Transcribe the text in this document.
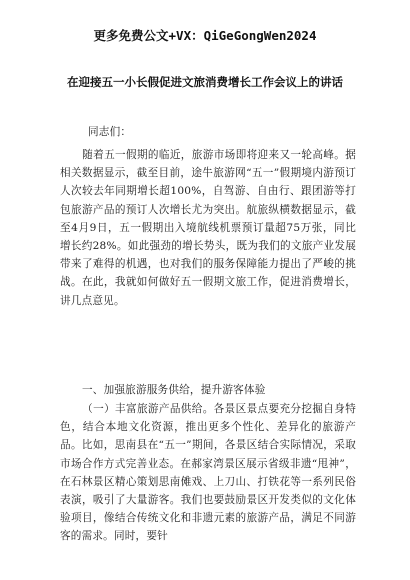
更多免费公文+VX：QiGeGongWen2024
在迎接五一小长假促进文旅消费增长工作会议上的讲话
同志们：
随着五一假期的临近，旅游市场即将迎来又一轮高峰。据相关数据显示，截至目前，途牛旅游网“五一”假期境内游预订人次较去年同期增长超100%，自驾游、自由行、跟团游等打包旅游产品的预订人次增长尤为突出。航旅纵横数据显示，截至4月9日，五一假期出入境航线机票预订量超75万张，同比增长约28%。如此强劲的增长势头，既为我们的文旅产业发展带来了难得的机遇，也对我们的服务保障能力提出了严峻的挑战。在此，我就如何做好五一假期文旅工作，促进消费增长，讲几点意见。
一、加强旅游服务供给，提升游客体验
（一）丰富旅游产品供给。各景区景点要充分挖掘自身特色，结合本地文化资源，推出更多个性化、差异化的旅游产品。比如，思南县在“五一”期间，各景区结合实际情况，采取市场合作方式完善业态。在郝家湾景区展示省级非遗“甩神”，在石林景区精心策划思南傩戏、上刀山、打铁花等一系列民俗表演，吸引了大量游客。我们也要鼓励景区开发类似的文化体验项目，像结合传统文化和非遗元素的旅游产品，满足不同游客的需求。同时，要针
